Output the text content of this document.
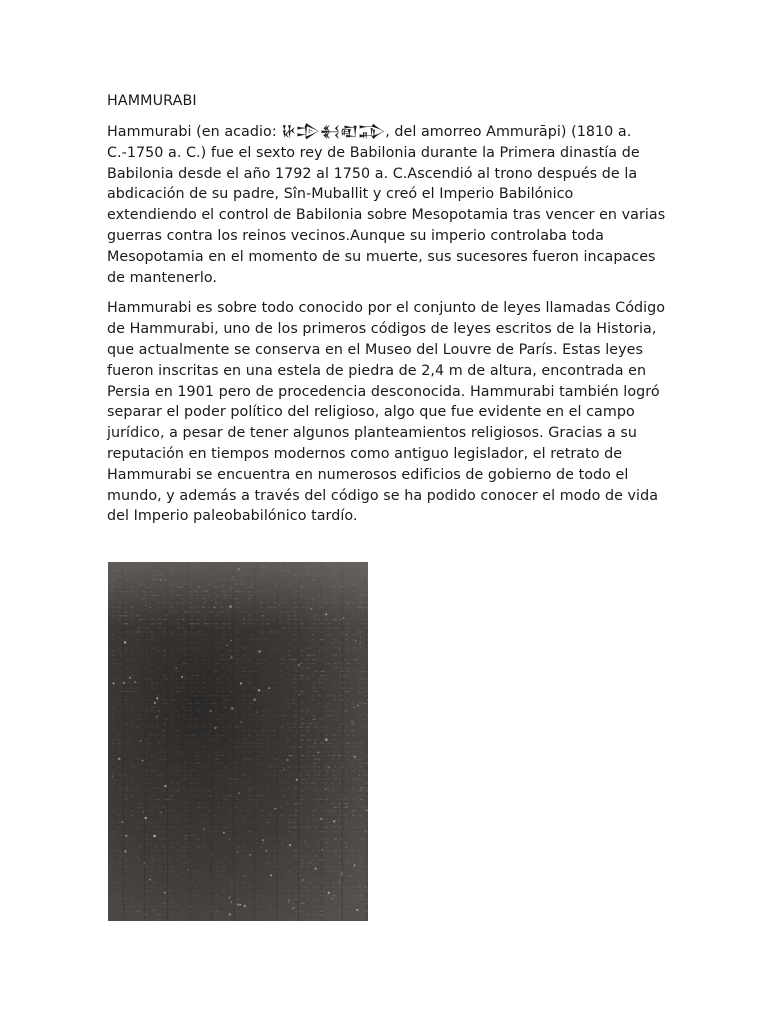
HAMMURABI

Hammurabi (en acadio: 𒄩𒄠𒈬𒊏𒁉, del amorreo Ammurāpi) (1810 a. C.-1750 a. C.) fue el sexto rey de Babilonia durante la Primera dinastía de Babilonia desde el año 1792 al 1750 a. C.Ascendió al trono después de la abdicación de su padre, Sîn-Muballit y creó el Imperio Babilónico extendiendo el control de Babilonia sobre Mesopotamia tras vencer en varias guerras contra los reinos vecinos.Aunque su imperio controlaba toda Mesopotamia en el momento de su muerte, sus sucesores fueron incapaces de mantenerlo.

Hammurabi es sobre todo conocido por el conjunto de leyes llamadas Código de Hammurabi, uno de los primeros códigos de leyes escritos de la Historia, que actualmente se conserva en el Museo del Louvre de París. Estas leyes fueron inscritas en una estela de piedra de 2,4 m de altura, encontrada en Persia en 1901 pero de procedencia desconocida. Hammurabi también logró separar el poder político del religioso, algo que fue evidente en el campo jurídico, a pesar de tener algunos planteamientos religiosos. Gracias a su reputación en tiempos modernos como antiguo legislador, el retrato de Hammurabi se encuentra en numerosos edificios de gobierno de todo el mundo, y además a través del código se ha podido conocer el modo de vida del Imperio paleobabilónico tardío.
